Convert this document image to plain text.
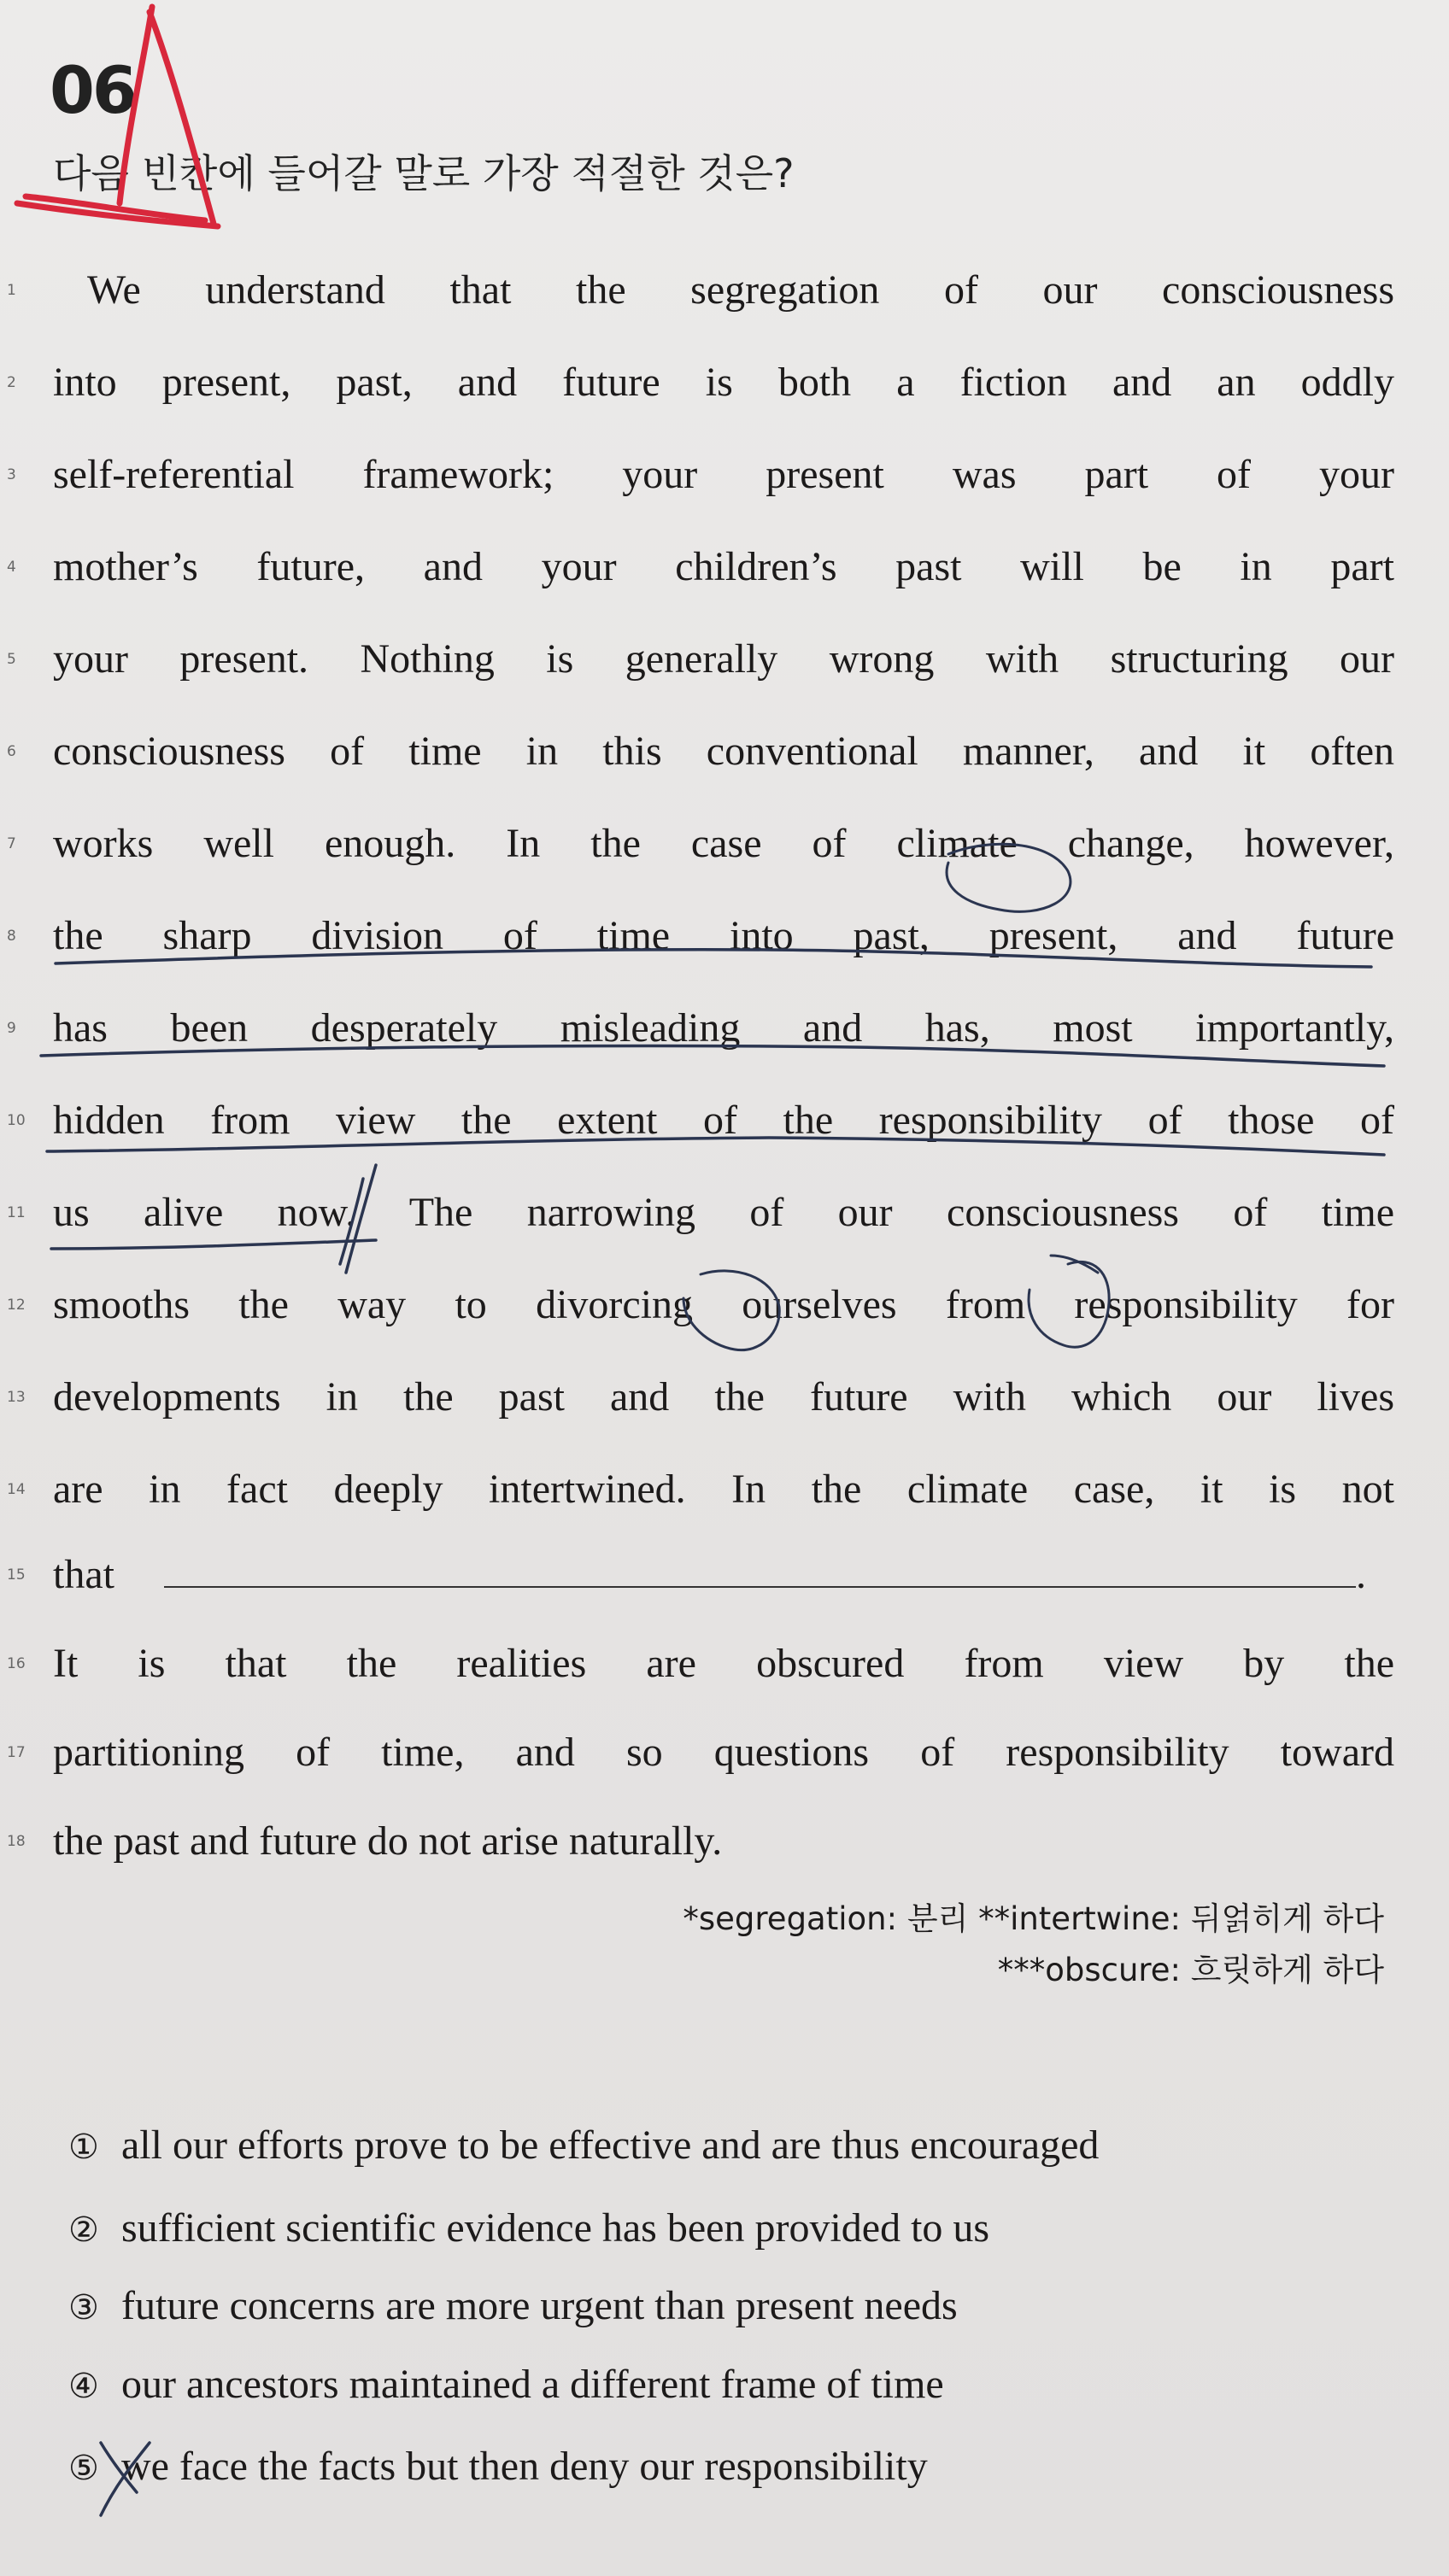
06
다음 빈칸에 들어갈 말로 가장 적절한 것은?
1	We understand that the segregation of our consciousness
2 into present, past, and future is both a fiction and an oddly
3 self-referential framework; your present was part of your
4 mother’s future, and your children’s past will be in part
5 your present. Nothing is generally wrong with structuring our
6 consciousness of time in this conventional manner, and it often
7 works well enough. In the case of climate change, however,
8 the sharp division of time into past, present, and future
9 has been desperately misleading and has, most importantly,
10 hidden from view the extent of the responsibility of those of
11 us alive now. The narrowing of our consciousness of time
12 smooths the way to divorcing ourselves from responsibility for
13 developments in the past and the future with which our lives
14 are in fact deeply intertwined. In the climate case, it is not
15 that	.
16 It is that the realities are obscured from view by the
17 partitioning of time, and so questions of responsibility toward
18 the past and future do not arise naturally.
*segregation: 분리 **intertwine: 뒤얽히게 하다
***obscure: 흐릿하게 하다
① all our efforts prove to be effective and are thus encouraged
② sufficient scientific evidence has been provided to us
③ future concerns are more urgent than present needs
④ our ancestors maintained a different frame of time
⑤ we face the facts but then deny our responsibility
